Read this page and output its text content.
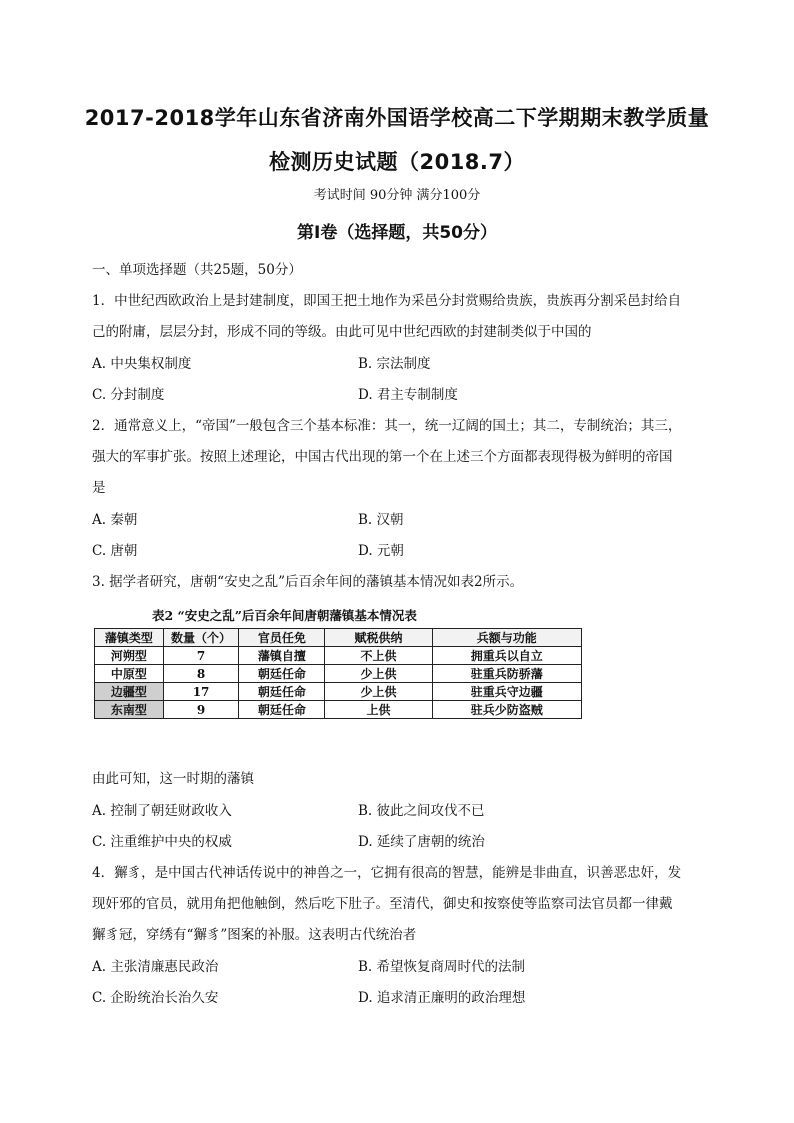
2017-2018学年山东省济南外国语学校高二下学期期末教学质量
检测历史试题（2018.7）
考试时间 90分钟 满分100分
第Ⅰ卷（选择题，共50分）
一、单项选择题（共25题，50分）
1．中世纪西欧政治上是封建制度，即国王把土地作为采邑分封赏赐给贵族，贵族再分割采邑封给自
己的附庸，层层分封，形成不同的等级。由此可见中世纪西欧的封建制类似于中国的
A. 中央集权制度	B. 宗法制度
C. 分封制度	D. 君主专制制度
2．通常意义上，“帝国”一般包含三个基本标准：其一，统一辽阔的国土；其二，专制统治；其三，
强大的军事扩张。按照上述理论，中国古代出现的第一个在上述三个方面都表现得极为鲜明的帝国
是
A. 秦朝	B. 汉朝
C. 唐朝	D. 元朝
3. 据学者研究，唐朝“安史之乱”后百余年间的藩镇基本情况如表2所示。
表2 “安史之乱”后百余年间唐朝藩镇基本情况表
藩镇类型	数量（个）	官员任免	赋税供纳	兵额与功能
河朔型	7	藩镇自擅	不上供	拥重兵以自立
中原型	8	朝廷任命	少上供	驻重兵防骄藩
边疆型	17	朝廷任命	少上供	驻重兵守边疆
东南型	9	朝廷任命	上供	驻兵少防盗贼
由此可知，这一时期的藩镇
A. 控制了朝廷财政收入	B. 彼此之间攻伐不已
C. 注重维护中央的权威	D. 延续了唐朝的统治
4．獬豸，是中国古代神话传说中的神兽之一，它拥有很高的智慧，能辨是非曲直，识善恶忠奸，发
现奸邪的官员，就用角把他触倒，然后吃下肚子。至清代，御史和按察使等监察司法官员都一律戴
獬豸冠，穿绣有“獬豸”图案的补服。这表明古代统治者
A. 主张清廉惠民政治	B. 希望恢复商周时代的法制
C. 企盼统治长治久安	D. 追求清正廉明的政治理想
